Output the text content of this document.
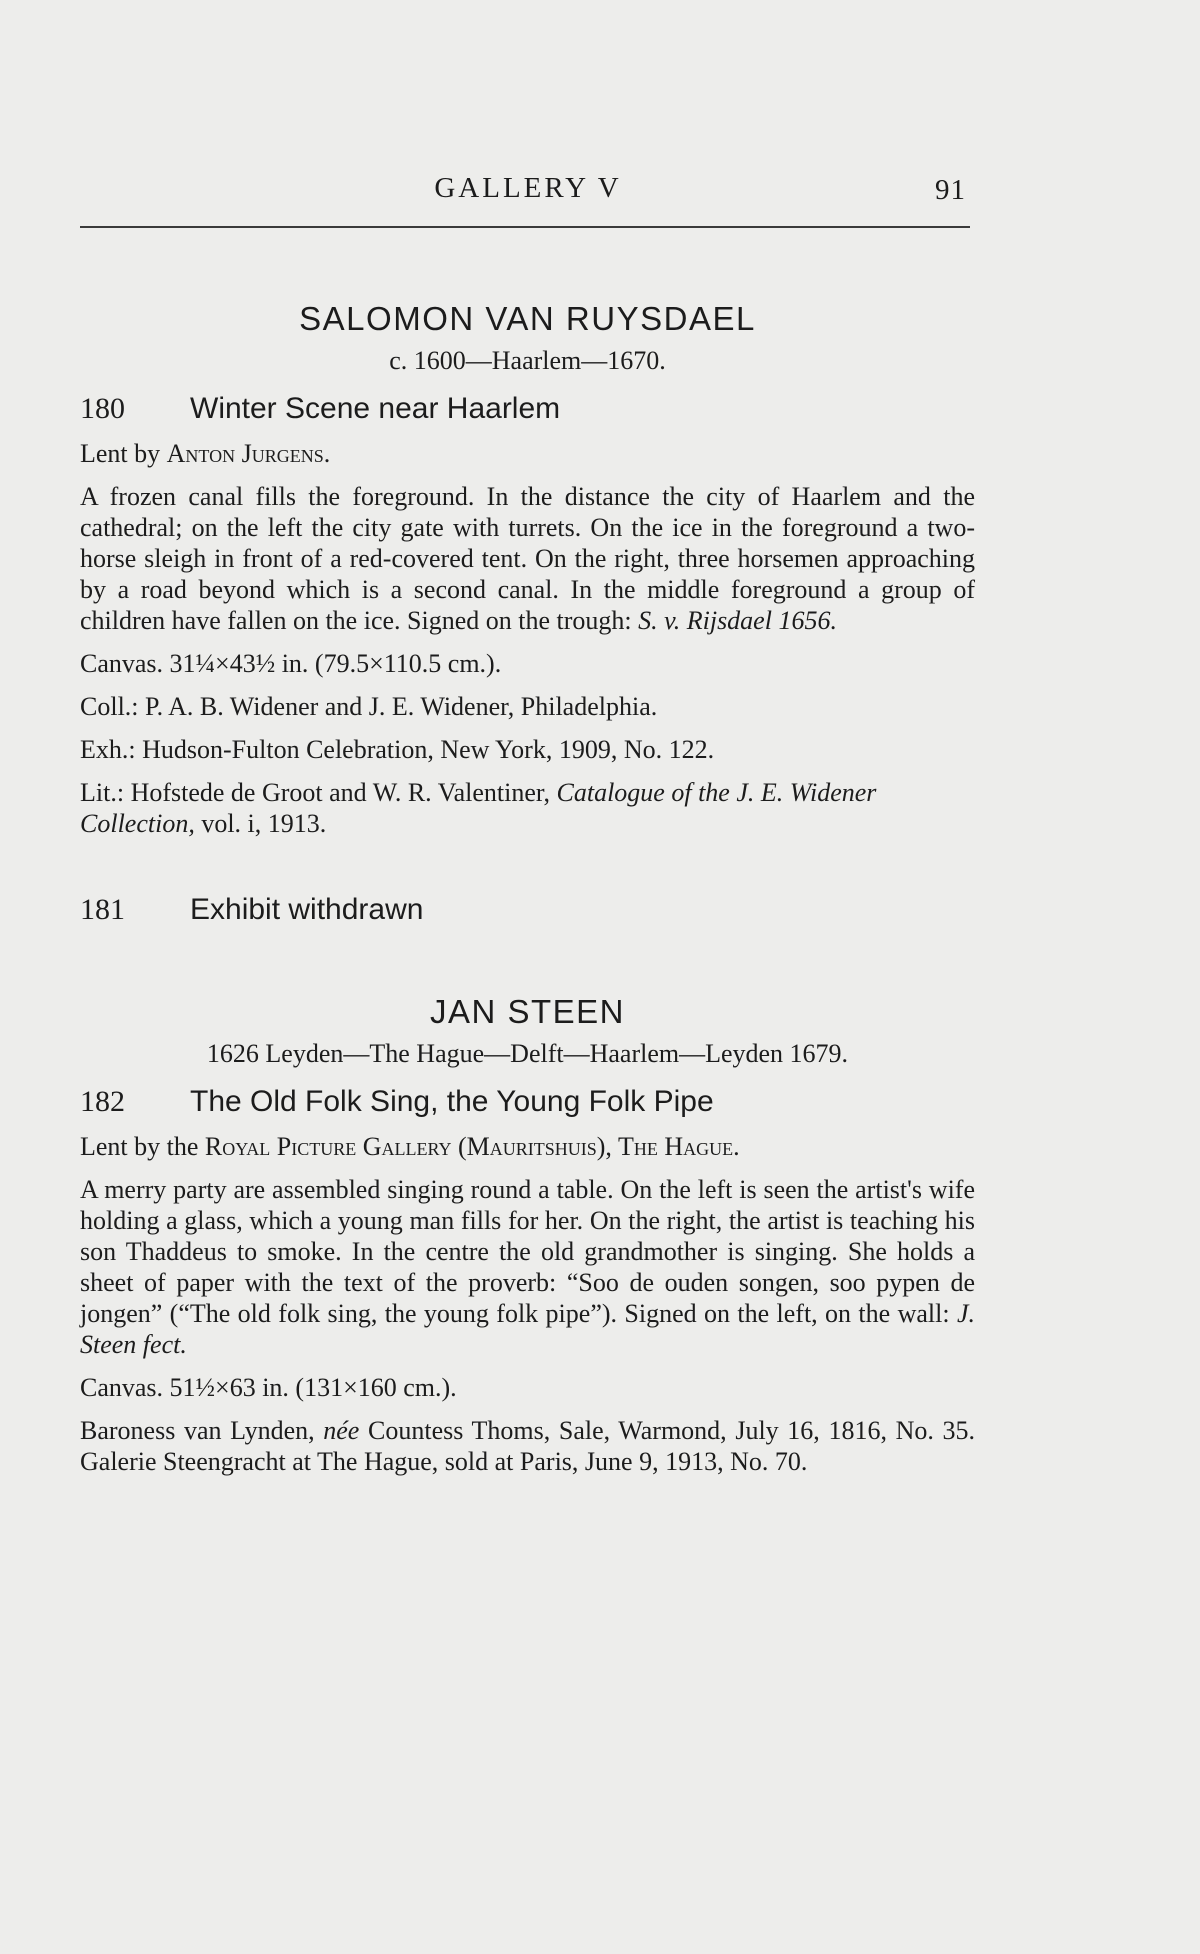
GALLERY V	91
SALOMON VAN RUYSDAEL
c. 1600—Haarlem—1670.
180	Winter Scene near Haarlem
Lent by Anton Jurgens.
A frozen canal fills the foreground. In the distance the city of Haarlem and the cathedral; on the left the city gate with turrets. On the ice in the foreground a two-horse sleigh in front of a red-covered tent. On the right, three horsemen approaching by a road beyond which is a second canal. In the middle foreground a group of children have fallen on the ice. Signed on the trough: S. v. Rijsdael 1656.
Canvas. 31¼×43½ in. (79.5×110.5 cm.).
Coll.: P. A. B. Widener and J. E. Widener, Philadelphia.
Exh.: Hudson-Fulton Celebration, New York, 1909, No. 122.
Lit.: Hofstede de Groot and W. R. Valentiner, Catalogue of the J. E. Widener Collection, vol. i, 1913.
181	Exhibit withdrawn
JAN STEEN
1626 Leyden—The Hague—Delft—Haarlem—Leyden 1679.
182	The Old Folk Sing, the Young Folk Pipe
Lent by the Royal Picture Gallery (Mauritshuis), The Hague.
A merry party are assembled singing round a table. On the left is seen the artist's wife holding a glass, which a young man fills for her. On the right, the artist is teaching his son Thaddeus to smoke. In the centre the old grandmother is singing. She holds a sheet of paper with the text of the proverb: “Soo de ouden songen, soo pypen de jongen” (“The old folk sing, the young folk pipe”). Signed on the left, on the wall: J. Steen fect.
Canvas. 51½×63 in. (131×160 cm.).
Baroness van Lynden, née Countess Thoms, Sale, Warmond, July 16, 1816, No. 35. Galerie Steengracht at The Hague, sold at Paris, June 9, 1913, No. 70.
